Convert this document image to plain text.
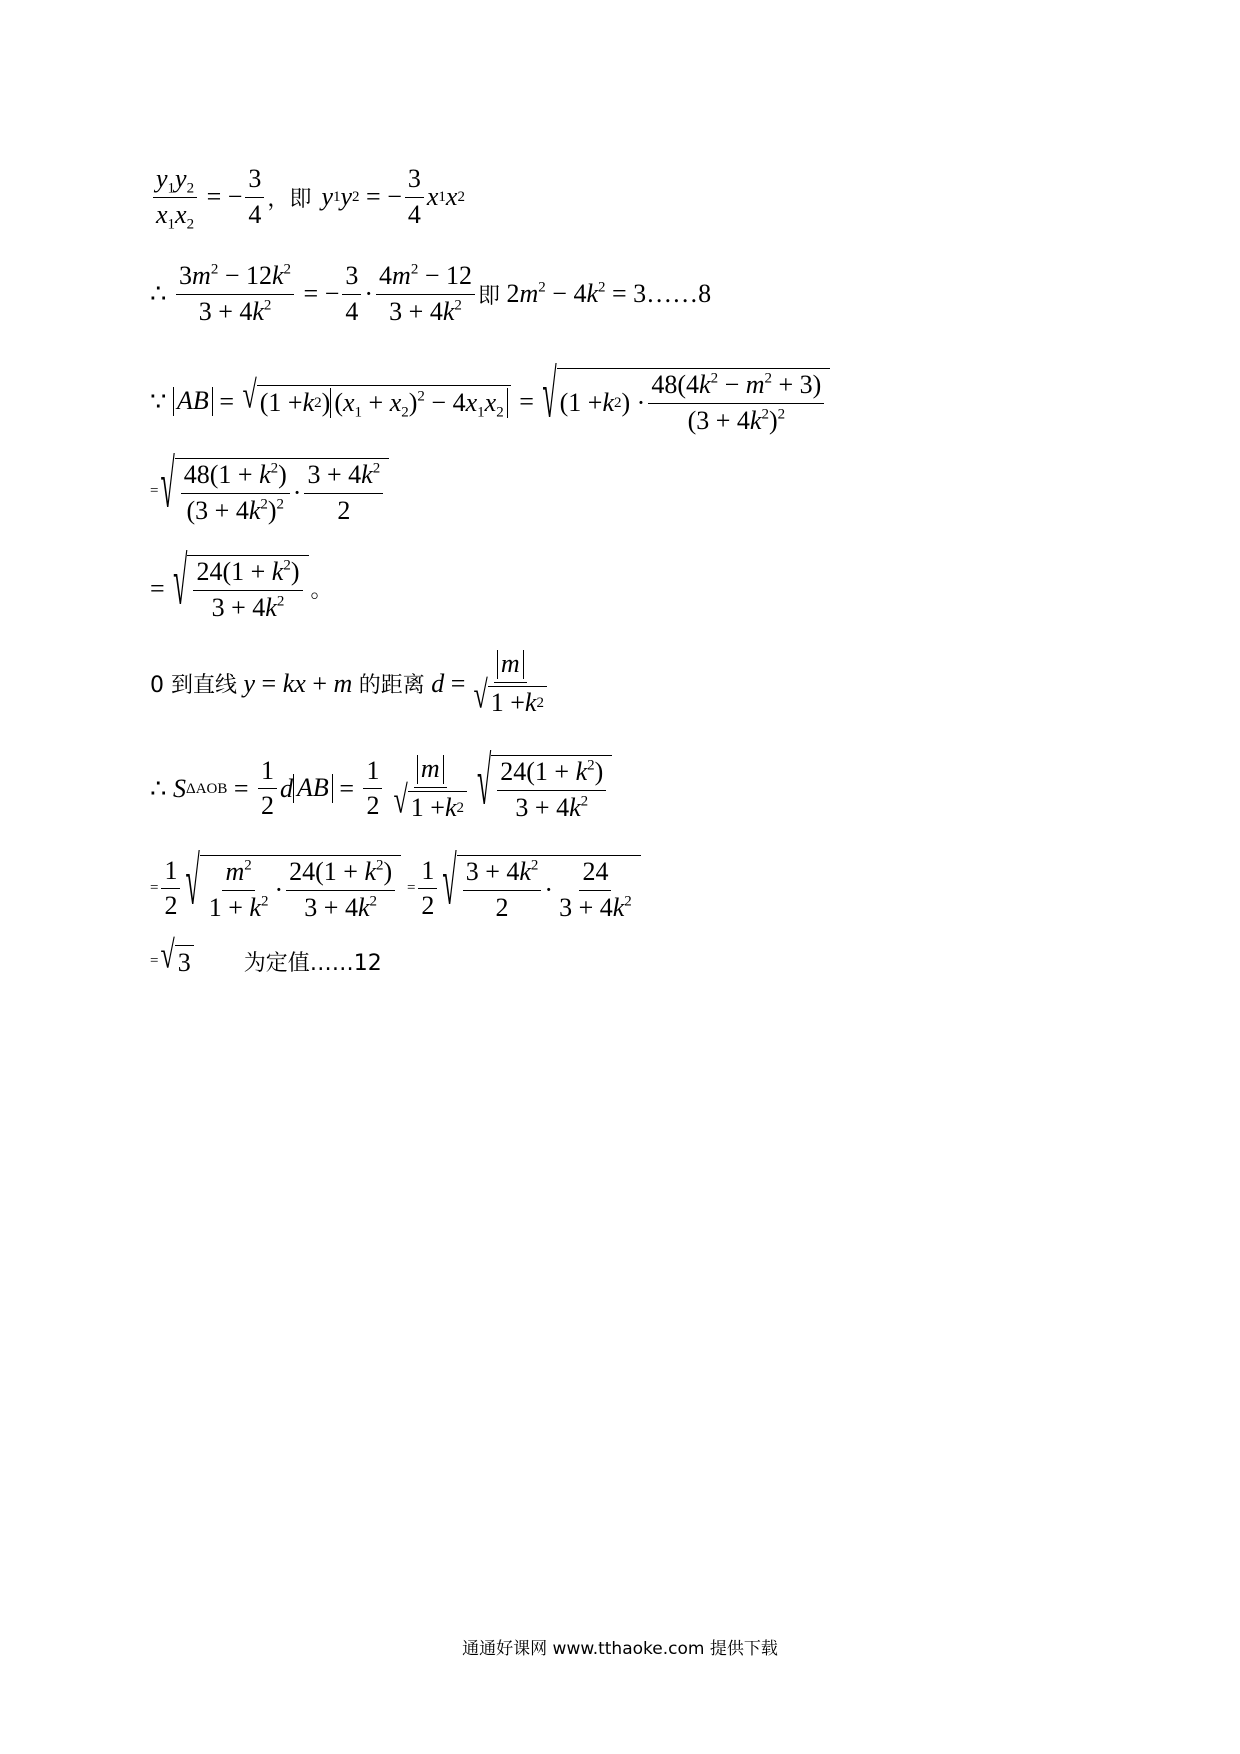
$\frac{y_1y_2}{x_1x_2}$ = − $\frac{3}{4}$ ， 即 y 1 y 2 = − $\frac{3}{4}$ x 1 x 2
∴ $\frac{3m^2 - 12k^2}{3 + 4k^2}$ = − $\frac{3}{4} \cdot \frac{4m^2 - 12}{3 + 4k^2}$ 即 $2m^2 - 4k^2$ = 3……8
∵ AB = √ (1 + k 2 ) $(x_1 + x_2)^2 - 4x_1x_2$ = √ (1 + k 2 ) · $\frac{48(4k^2 - m^2 + 3)}{(3 + 4k^2)^2}$
= √ $\frac{48(1 + k^2)}{(3 + 4k^2)^2} \cdot \frac{3 + 4k^2}{2}$
= √ $\frac{24(1 + k^2)}{3 + 4k^2}$ 。
0 到直线 y = kx + m 的距离 $d = \frac{m}{√ 1 + k 2}$
∴ S $\Delta AOB = \frac{1}{2}$ d AB = $\frac{1}{2} \frac{m}{√ 1 + k 2}$ √ $\frac{24(1 + k^2)}{3 + 4k^2}$
= $\frac{1}{2}$ √ $\frac{m^2}{1 + k^2} \cdot \frac{24(1 + k^2)}{3 + 4k^2} = \frac{1}{2}$ √ $\frac{3 + 4k^2}{2} \cdot \frac{24}{3 + 4k^2}$
= √ 3 为定值……12
通通好课网 www.tthaoke.com 提供下载
